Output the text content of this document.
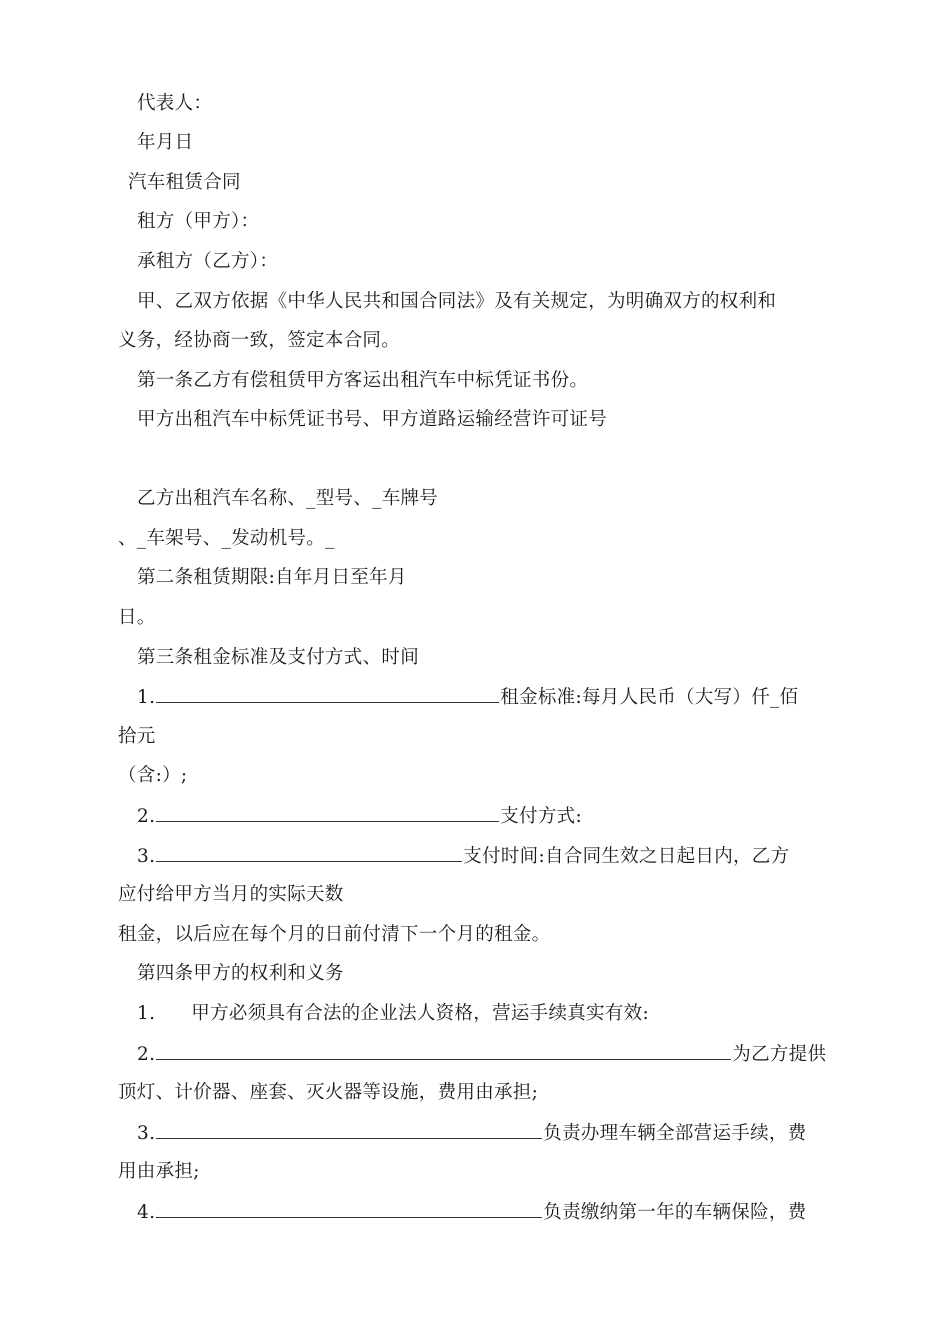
代表人：
年月日
汽车租赁合同
租方（甲方）：
承租方（乙方）：
甲、乙双方依据《中华人民共和国合同法》及有关规定，为明确双方的权利和
义务，经协商一致，签定本合同。
第一条乙方有偿租赁甲方客运出租汽车中标凭证书份。
甲方出租汽车中标凭证书号、甲方道路运输经营许可证号
乙方出租汽车名称、_型号、_车牌号
、_车架号、_发动机号。_
第二条租赁期限:自年月日至年月
日。
第三条租金标准及支付方式、时间
1.	租金标准:每月人民币（大写）仟_佰
拾元
（含:）;
2.	支付方式:
3.	支付时间:自合同生效之日起日内，乙方
应付给甲方当月的实际天数
租金，以后应在每个月的日前付清下一个月的租金。
第四条甲方的权利和义务
1. 甲方必须具有合法的企业法人资格，营运手续真实有效:
2.	为乙方提供
顶灯、计价器、座套、灭火器等设施，费用由承担;
3.	负责办理车辆全部营运手续，费
用由承担;
4.	负责缴纳第一年的车辆保险，费
